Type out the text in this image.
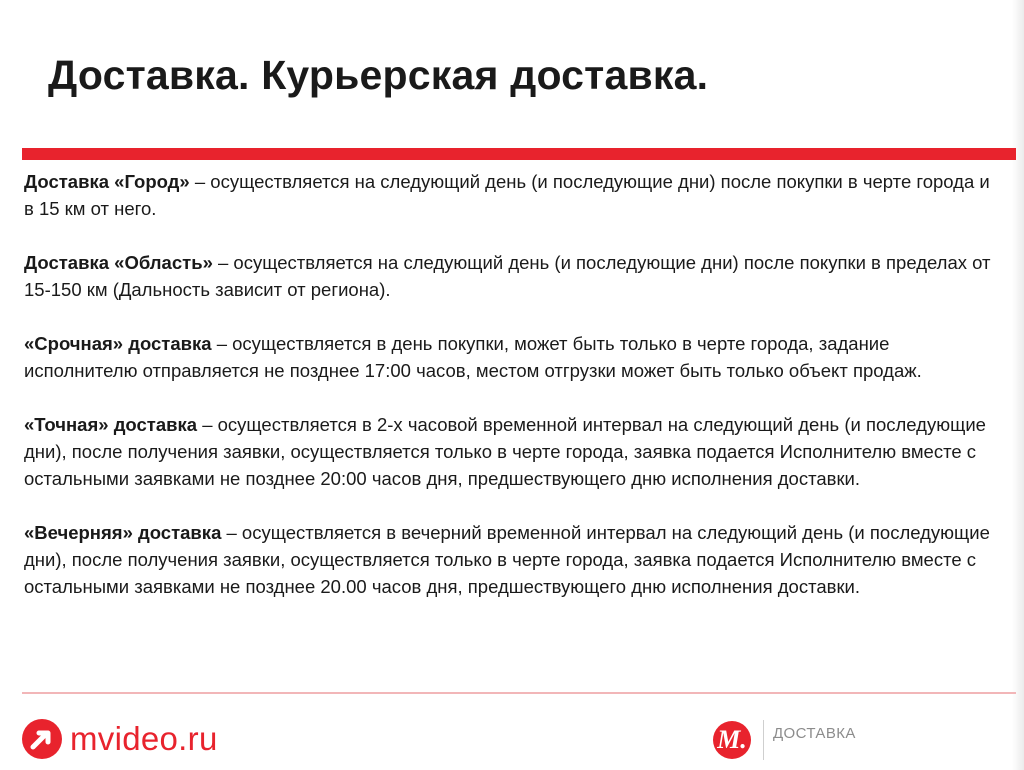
Доставка. Курьерская доставка.

Доставка «Город» – осуществляется на следующий день (и последующие дни) после покупки в черте города и в 15 км от него.

Доставка «Область» – осуществляется на следующий день (и последующие дни) после покупки в пределах от 15-150 км (Дальность зависит от региона).

«Срочная» доставка – осуществляется в день покупки, может быть только в черте города, задание исполнителю отправляется не позднее 17:00 часов, местом отгрузки может быть только объект продаж.

«Точная» доставка – осуществляется в 2-х часовой временной интервал на следующий день (и последующие дни), после получения заявки, осуществляется только в черте города, заявка подается Исполнителю вместе с остальными заявками не позднее 20:00 часов дня, предшествующего дню исполнения доставки.

«Вечерняя» доставка – осуществляется в вечерний временной интервал на следующий день (и последующие дни), после получения заявки, осуществляется только в черте города, заявка подается Исполнителю вместе с остальными заявками не позднее 20.00 часов дня, предшествующего дню исполнения доставки.

mvideo.ru	M. ДОСТАВКА
